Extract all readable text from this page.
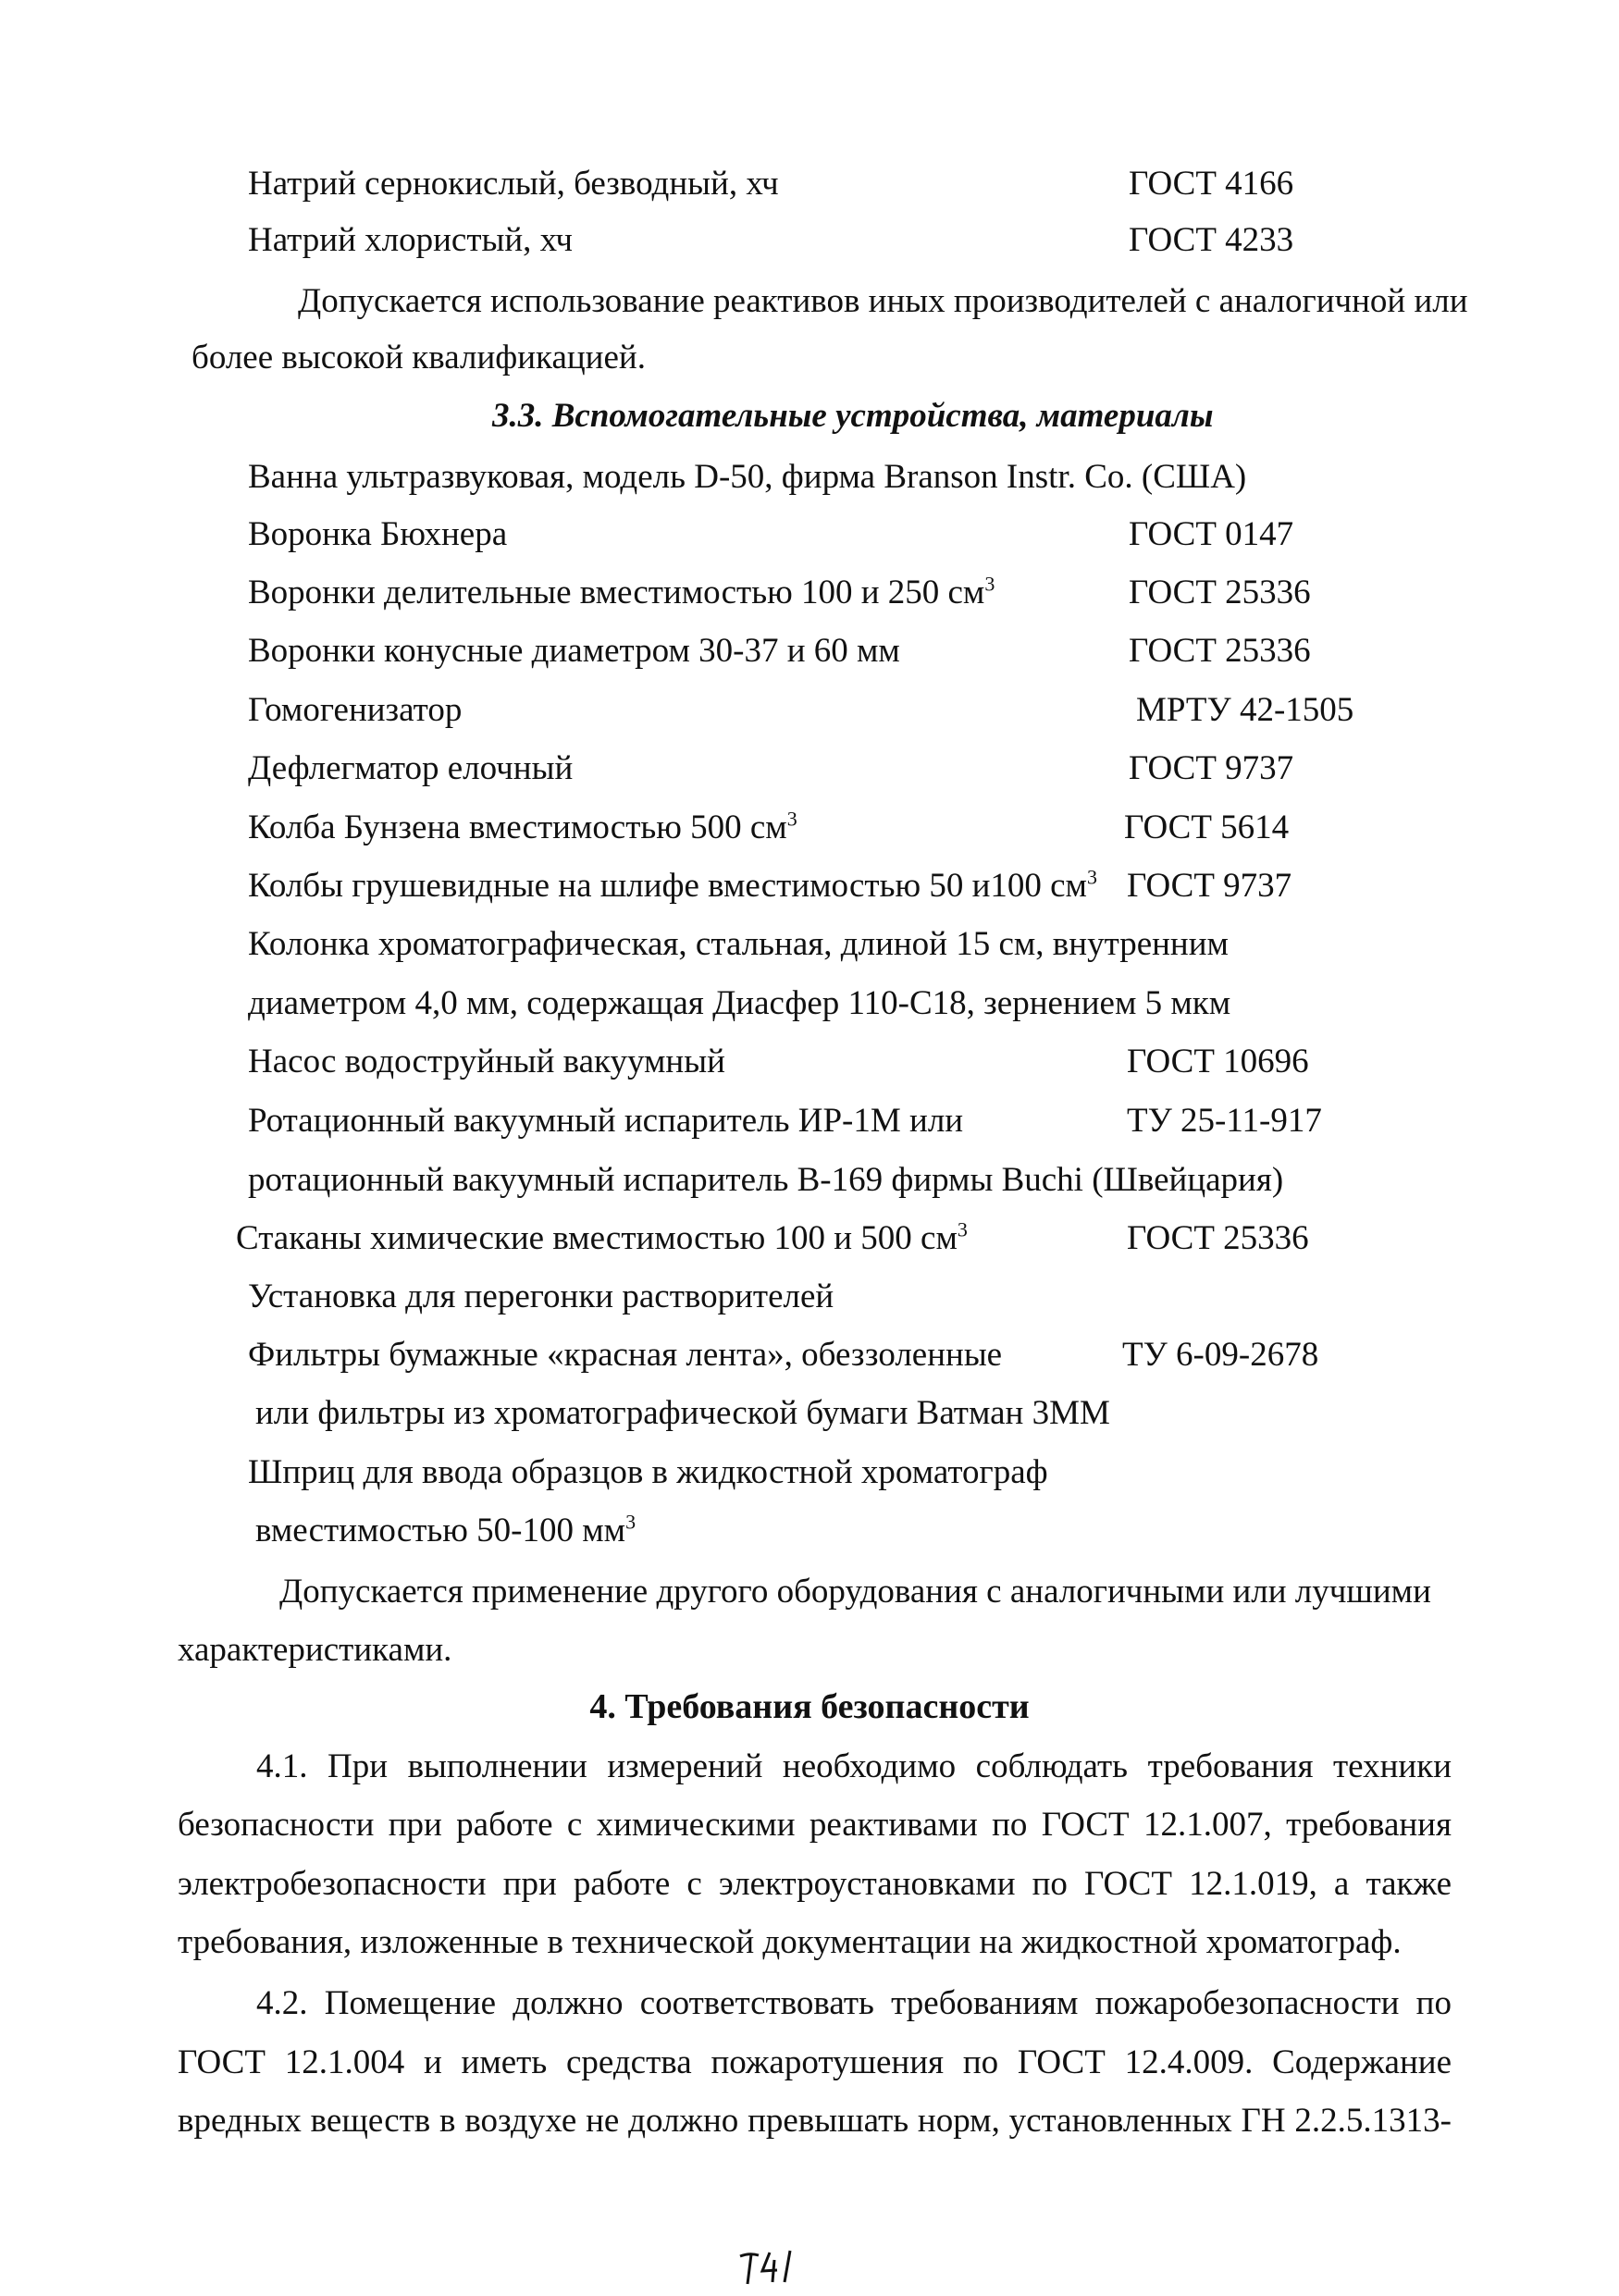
Натрий сернокислый, безводный, хч	ГОСТ 4166
Натрий хлористый, хч	ГОСТ 4233
Допускается использование реактивов иных производителей с аналогичной или
более высокой квалификацией.
3.3. Вспомогательные устройства, материалы
Ванна ультразвуковая, модель D-50, фирма Branson Instr. Co. (США)
Воронка Бюхнера	ГОСТ 0147
Воронки делительные вместимостью 100 и 250 $см^3$	ГОСТ 25336
Воронки конусные диаметром 30-37 и 60 мм	ГОСТ 25336
Гомогенизатор	МРТУ 42-1505
Дефлегматор елочный	ГОСТ 9737
Колба Бунзена вместимостью 500 $см^3$	ГОСТ 5614
Колбы грушевидные на шлифе вместимостью 50 и100 $см^3$ ГОСТ 9737
Колонка хроматографическая, стальная, длиной 15 см, внутренним
диаметром 4,0 мм, содержащая Диасфер 110-С18, зернением 5 мкм
Насос водоструйный вакуумный	ГОСТ 10696
Ротационный вакуумный испаритель ИР-1М или	ТУ 25-11-917
ротационный вакуумный испаритель В-169 фирмы Buchi (Швейцария)
Стаканы химические вместимостью 100 и 500 $см^3$	ГОСТ 25336
Установка для перегонки растворителей
Фильтры бумажные «красная лента», обеззоленные	ТУ 6-09-2678
или фильтры из хроматографической бумаги Ватман 3ММ
Шприц для ввода образцов в жидкостной хроматограф
вместимостью 50-100 $мм^3$
Допускается применение другого оборудования с аналогичными или лучшими
характеристиками.
4. Требования безопасности
4.1. При выполнении измерений необходимо соблюдать требования техники
безопасности при работе с химическими реактивами по ГОСТ 12.1.007, требования
электробезопасности при работе с электроустановками по ГОСТ 12.1.019, а также
требования, изложенные в технической документации на жидкостной хроматограф.
4.2. Помещение должно соответствовать требованиям пожаробезопасности по
ГОСТ 12.1.004 и иметь средства пожаротушения по ГОСТ 12.4.009. Содержание
вредных веществ в воздухе не должно превышать норм, установленных ГН 2.2.5.1313-
